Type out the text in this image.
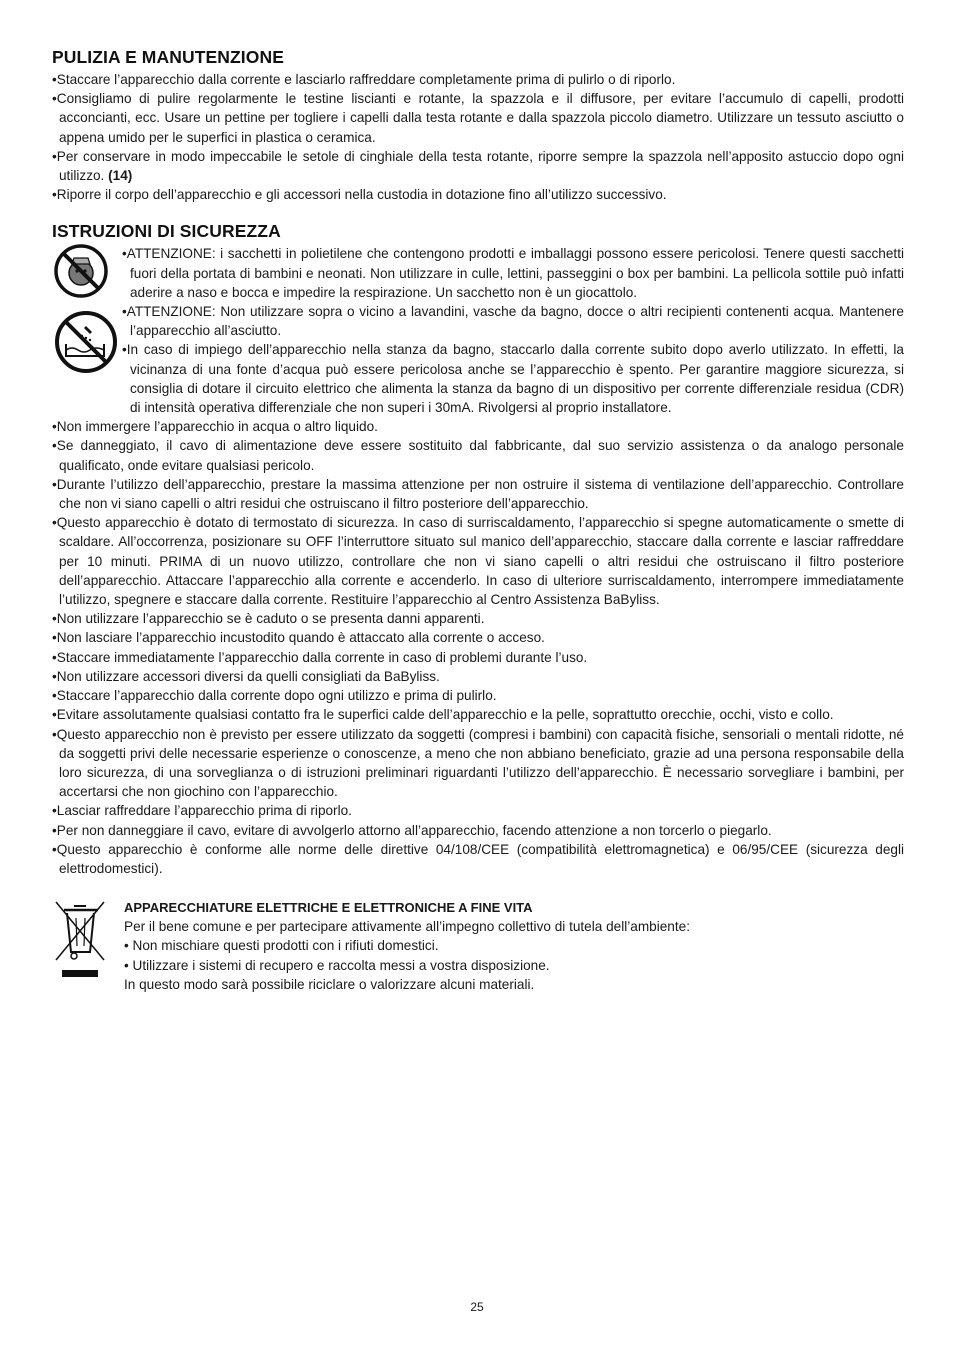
PULIZIA E MANUTENZIONE
• Staccare l’apparecchio dalla corrente e lasciarlo raffreddare completamente prima di pulirlo o di riporlo.
• Consigliamo di pulire regolarmente le testine liscianti e rotante, la spazzola e il diffusore, per evitare l’accumulo di capelli, prodotti acconcianti, ecc. Usare un pettine per togliere i capelli dalla testa rotante e dalla spazzola piccolo diametro. Utilizzare un tessuto asciutto o appena umido per le superfici in plastica o ceramica.
• Per conservare in modo impeccabile le setole di cinghiale della testa rotante, riporre sempre la spazzola nell’apposito astuccio dopo ogni utilizzo. (14)
• Riporre il corpo dell’apparecchio e gli accessori nella custodia in dotazione fino all’utilizzo successivo.
ISTRUZIONI DI SICUREZZA
• ATTENZIONE: i sacchetti in polietilene che contengono prodotti e imballaggi possono essere pericolosi. Tenere questi sacchetti fuori della portata di bambini e neonati. Non utilizzare in culle, lettini, passeggini o box per bambini. La pellicola sottile può infatti aderire a naso e bocca e impedire la respirazione. Un sacchetto non è un giocattolo.
• ATTENZIONE: Non utilizzare sopra o vicino a lavandini, vasche da bagno, docce o altri recipienti contenenti acqua. Mantenere l’apparecchio all’asciutto.
• In caso di impiego dell’apparecchio nella stanza da bagno, staccarlo dalla corrente subito dopo averlo utilizzato. In effetti, la vicinanza di una fonte d’acqua può essere pericolosa anche se l’apparecchio è spento. Per garantire maggiore sicurezza, si consiglia di dotare il circuito elettrico che alimenta la stanza da bagno di un dispositivo per corrente differenziale residua (CDR) di intensità operativa differenziale che non superi i 30mA. Rivolgersi al proprio installatore.
• Non immergere l’apparecchio in acqua o altro liquido.
• Se danneggiato, il cavo di alimentazione deve essere sostituito dal fabbricante, dal suo servizio assistenza o da analogo personale qualificato, onde evitare qualsiasi pericolo.
• Durante l’utilizzo dell’apparecchio, prestare la massima attenzione per non ostruire il sistema di ventilazione dell’apparecchio. Controllare che non vi siano capelli o altri residui che ostruiscano il filtro posteriore dell’apparecchio.
• Questo apparecchio è dotato di termostato di sicurezza. In caso di surriscaldamento, l’apparecchio si spegne automaticamente o smette di scaldare. All’occorrenza, posizionare su OFF l’interruttore situato sul manico dell’apparecchio, staccare dalla corrente e lasciar raffreddare per 10 minuti. PRIMA di un nuovo utilizzo, controllare che non vi siano capelli o altri residui che ostruiscano il filtro posteriore dell’apparecchio. Attaccare l’apparecchio alla corrente e accenderlo. In caso di ulteriore surriscaldamento, interrompere immediatamente l’utilizzo, spegnere e staccare dalla corrente. Restituire l’apparecchio al Centro Assistenza BaByliss.
• Non utilizzare l’apparecchio se è caduto o se presenta danni apparenti.
• Non lasciare l’apparecchio incustodito quando è attaccato alla corrente o acceso.
• Staccare immediatamente l’apparecchio dalla corrente in caso di problemi durante l’uso.
• Non utilizzare accessori diversi da quelli consigliati da BaByliss.
• Staccare l’apparecchio dalla corrente dopo ogni utilizzo e prima di pulirlo.
• Evitare assolutamente qualsiasi contatto fra le superfici calde dell’apparecchio e la pelle, soprattutto orecchie, occhi, visto e collo.
• Questo apparecchio non è previsto per essere utilizzato da soggetti (compresi i bambini) con capacità fisiche, sensoriali o mentali ridotte, né da soggetti privi delle necessarie esperienze o conoscenze, a meno che non abbiano beneficiato, grazie ad una persona responsabile della loro sicurezza, di una sorveglianza o di istruzioni preliminari riguardanti l’utilizzo dell’apparecchio. È necessario sorvegliare i bambini, per accertarsi che non giochino con l’apparecchio.
• Lasciar raffreddare l’apparecchio prima di riporlo.
• Per non danneggiare il cavo, evitare di avvolgerlo attorno all’apparecchio, facendo attenzione a non torcerlo o piegarlo.
• Questo apparecchio è conforme alle norme delle direttive 04/108/CEE (compatibilità elettromagnetica) e 06/95/CEE (sicurezza degli elettrodomestici).
APPARECCHIATURE ELETTRICHE E ELETTRONICHE A FINE VITA

Per il bene comune e per partecipare attivamente all’impegno collettivo di tutela dell’ambiente:

• Non mischiare questi prodotti con i rifiuti domestici.

• Utilizzare i sistemi di recupero e raccolta messi a vostra disposizione.

In questo modo sarà possibile riciclare o valorizzare alcuni materiali.

25
